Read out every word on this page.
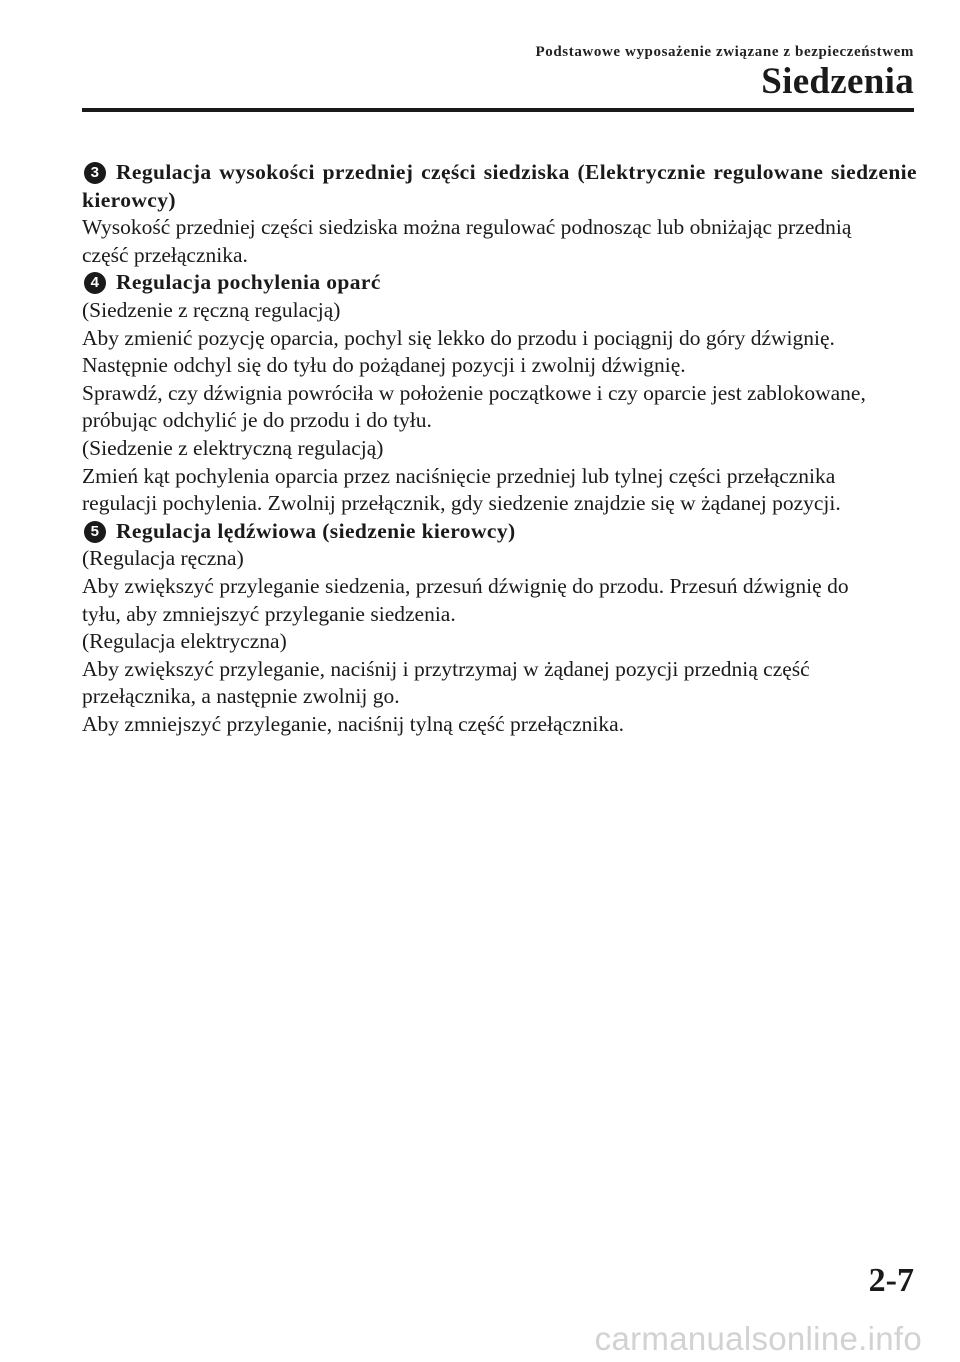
Podstawowe wyposażenie związane z bezpieczeństwem
Siedzenia

3 Regulacja wysokości przedniej części siedziska (Elektrycznie regulowane siedzenie kierowcy)

Wysokość przedniej części siedziska można regulować podnosząc lub obniżając przednią

część przełącznika.

4 Regulacja pochylenia oparć

(Siedzenie z ręczną regulacją)

Aby zmienić pozycję oparcia, pochyl się lekko do przodu i pociągnij do góry dźwignię.

Następnie odchyl się do tyłu do pożądanej pozycji i zwolnij dźwignię.

Sprawdź, czy dźwignia powróciła w położenie początkowe i czy oparcie jest zablokowane,

próbując odchylić je do przodu i do tyłu.

(Siedzenie z elektryczną regulacją)

Zmień kąt pochylenia oparcia przez naciśnięcie przedniej lub tylnej części przełącznika

regulacji pochylenia. Zwolnij przełącznik, gdy siedzenie znajdzie się w żądanej pozycji.

5 Regulacja lędźwiowa (siedzenie kierowcy)

(Regulacja ręczna)

Aby zwiększyć przyleganie siedzenia, przesuń dźwignię do przodu. Przesuń dźwignię do

tyłu, aby zmniejszyć przyleganie siedzenia.

(Regulacja elektryczna)

Aby zwiększyć przyleganie, naciśnij i przytrzymaj w żądanej pozycji przednią część

przełącznika, a następnie zwolnij go.

Aby zmniejszyć przyleganie, naciśnij tylną część przełącznika.

2-7
carmanualsonline.info
